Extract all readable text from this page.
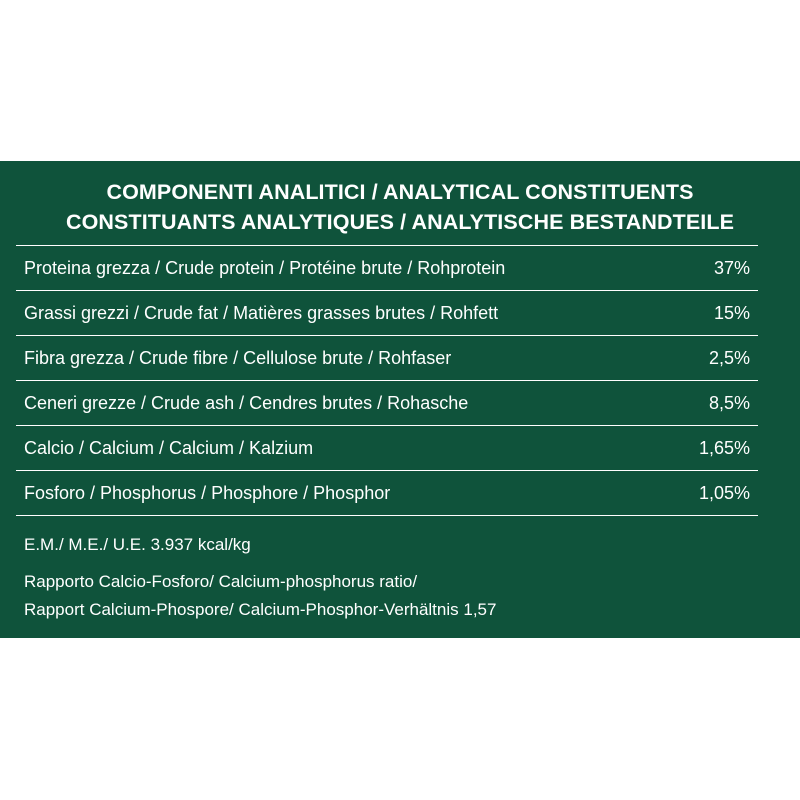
COMPONENTI ANALITICI / ANALYTICAL CONSTITUENTS
CONSTITUANTS ANALYTIQUES / ANALYTISCHE BESTANDTEILE
Proteina grezza / Crude protein / Protéine brute / Rohprotein	37%
Grassi grezzi / Crude fat / Matières grasses brutes / Rohfett	15%
Fibra grezza / Crude fibre / Cellulose brute / Rohfaser	2,5%
Ceneri grezze / Crude ash / Cendres brutes / Rohasche	8,5%
Calcio / Calcium / Calcium / Kalzium	1,65%
Fosforo / Phosphorus / Phosphore / Phosphor	1,05%
E.M./ M.E./ U.E. 3.937 kcal/kg
Rapporto Calcio-Fosforo/ Calcium-phosphorus ratio/
Rapport Calcium-Phospore/ Calcium-Phosphor-Verhältnis 1,57
